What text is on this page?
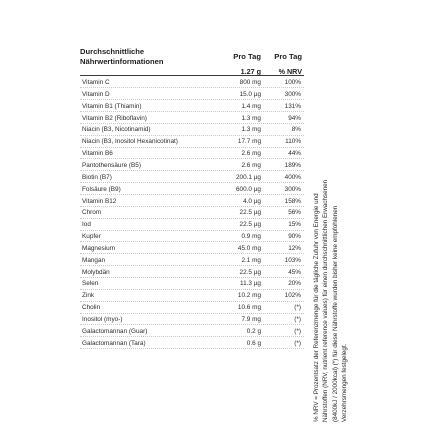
Durchschnittliche
Nährwertinformationen
Pro Tag	Pro Tag
1.27 g	% NRV
Vitamin C	800 mg	100%
Vitamin D	15.0 µg	300%
Vitamin B1 (Thiamin)	1.4 mg	131%
Vitamin B2 (Riboflavin)	1.3 mg	94%
Niacin (B3, Nicotinamid)	1.3 mg	8%
Niacin (B3, Inositol Hexanicotinat)	17.7 mg	110%
Vitamin B6	2.6 mg	44%
Pantothensäure (B5)	2.6 mg	189%
Biotin (B7)	200.1 µg	400%
Folsäure (B9)	600.0 µg	300%
Vitamin B12	4.0 µg	158%
Chrom	22.5 µg	56%
Iod	22.5 µg	15%
Kupfer	0.9 mg	90%
Magnesium	45.0 mg	12%
Mangan	2.1 mg	103%
Molybdän	22.5 µg	45%
Selen	11.3 µg	20%
Zink	10.2 mg	102%
Cholin	10.6 mg	(*)
Inositol (myo-)	7.9 mg	(*)
Galactomannan (Guar)	0.2 g	(*)
Galactomannan (Tara)	0.6 g	(*) % NRV = Prozentsatz der Referenzmenge für die tägliche Zufuhr von Energie und Nährstoffen (NRV, nutrient reference values) für einen durchschnittlichen Erwachsenen (8400kJ / 2000kcal) (*) für diese Nährstoffe wurden bisher keine empfohlenen Verzehrsmengen festgelegt.
